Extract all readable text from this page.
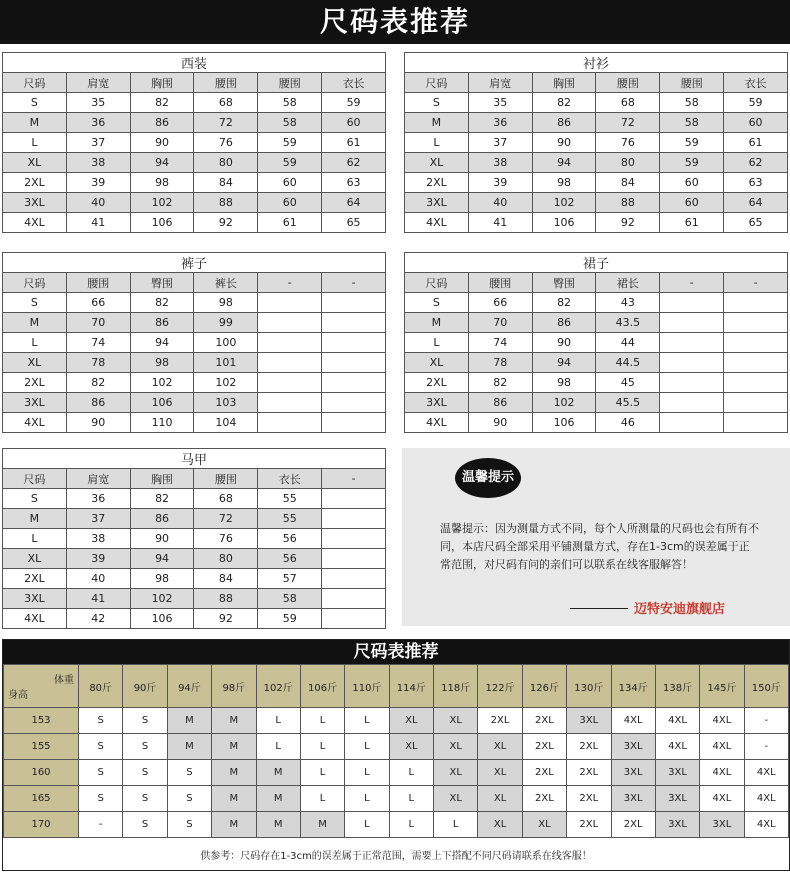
尺码表推荐
西装					
尺码	肩宽	胸围	腰围	腰围	衣长
S	35	82	68	58	59
M	36	86	72	58	60
L	37	90	76	59	61
XL	38	94	80	59	62
2XL	39	98	84	60	63
3XL	40	102	88	60	64
4XL	41	106	92	61	65
衬衫					
尺码	肩宽	胸围	腰围	腰围	衣长
S	35	82	68	58	59
M	36	86	72	58	60
L	37	90	76	59	61
XL	38	94	80	59	62
2XL	39	98	84	60	63
3XL	40	102	88	60	64
4XL	41	106	92	61	65
裤子					
尺码	腰围	臀围	裤长	-	-
S	66	82	98		
M	70	86	99		
L	74	94	100		
XL	78	98	101		
2XL	82	102	102		
3XL	86	106	103		
4XL	90	110	104		
裙子					
尺码	腰围	臀围	裙长	-	-
S	66	82	43		
M	70	86	43.5		
L	74	90	44		
XL	78	94	44.5		
2XL	82	98	45		
3XL	86	102	45.5		
4XL	90	106	46		
马甲					
尺码	肩宽	胸围	腰围	衣长	-
S	36	82	68	55	
M	37	86	72	55	
L	38	90	76	56	
XL	39	94	80	56	
2XL	40	98	84	57	
3XL	41	102	88	58	
4XL	42	106	92	59	
温馨提示
温馨提示：因为测量方式不同，每个人所测量的尺码也会有所有不同，本店尺码全部采用平铺测量方式，存在1-3cm的误差属于正常范围，对尺码有问的亲们可以联系在线客服解答！
迈特安迪旗舰店
尺码表推荐
体重
身高	80斤	90斤	94斤	98斤	102斤	106斤	110斤	114斤	118斤	122斤	126斤	130斤	134斤	138斤	145斤	150斤
153	S	S	M	M	L	L	L	XL	XL	2XL	2XL	3XL	4XL	4XL	4XL	-
155	S	S	M	M	L	L	L	XL	XL	XL	2XL	2XL	3XL	4XL	4XL	-
160	S	S	S	M	M	L	L	L	XL	XL	2XL	2XL	3XL	3XL	4XL	4XL
165	S	S	S	M	M	L	L	L	XL	XL	2XL	2XL	3XL	3XL	4XL	4XL
170	-	S	S	M	M	M	L	L	L	XL	XL	2XL	2XL	3XL	3XL	4XL
供参考：尺码存在1-3cm的误差属于正常范围，需要上下搭配不同尺码请联系在线客服！
